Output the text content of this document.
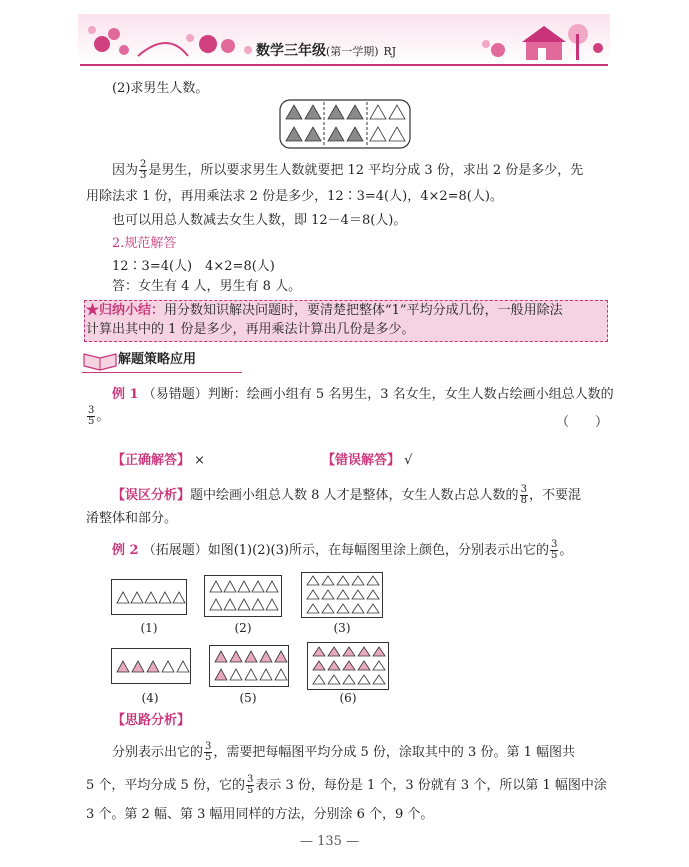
数学三年级(第一学期) RJ
(2)求男生人数。
因为 $\frac{2}{3}$ 是男生，所以要求男生人数就要把 12 平均分成 3 份，求出 2 份是多少，先
用除法求 1 份，再用乘法求 2 份是多少，12∶3=4(人)，4×2=8(人)。
也可以用总人数减去女生人数，即 12－4＝8(人)。
2.规范解答
12∶3=4(人)　4×2=8(人)
答：女生有 4 人，男生有 8 人。
★归纳小结：用分数知识解决问题时，要清楚把整体“1”平均分成几份，一般用除法
计算出其中的 1 份是多少，再用乘法计算出几份是多少。
解题策略应用
例 1 （易错题）判断：绘画小组有 5 名男生，3 名女生，女生人数占绘画小组总人数的
$\frac{3}{5}$ 。	（　　）
【正确解答】 ×	【错误解答】 √
【误区分析】题中绘画小组总人数 8 人才是整体，女生人数占总人数的 $\frac{3}{8}$ ，不要混
淆整体和部分。
例 2 （拓展题）如图(1)(2)(3)所示，在每幅图里涂上颜色，分别表示出它的 $\frac{3}{5}$ 。
(1)	(2)	(3)
(4)	(5)	(6)
【思路分析】
分别表示出它的 $\frac{3}{5}$ ，需要把每幅图平均分成 5 份，涂取其中的 3 份。第 1 幅图共
5 个，平均分成 5 份，它的 $\frac{3}{5}$ 表示 3 份，每份是 1 个，3 份就有 3 个，所以第 1 幅图中涂
3 个。第 2 幅、第 3 幅用同样的方法，分别涂 6 个，9 个。
— 135 —
